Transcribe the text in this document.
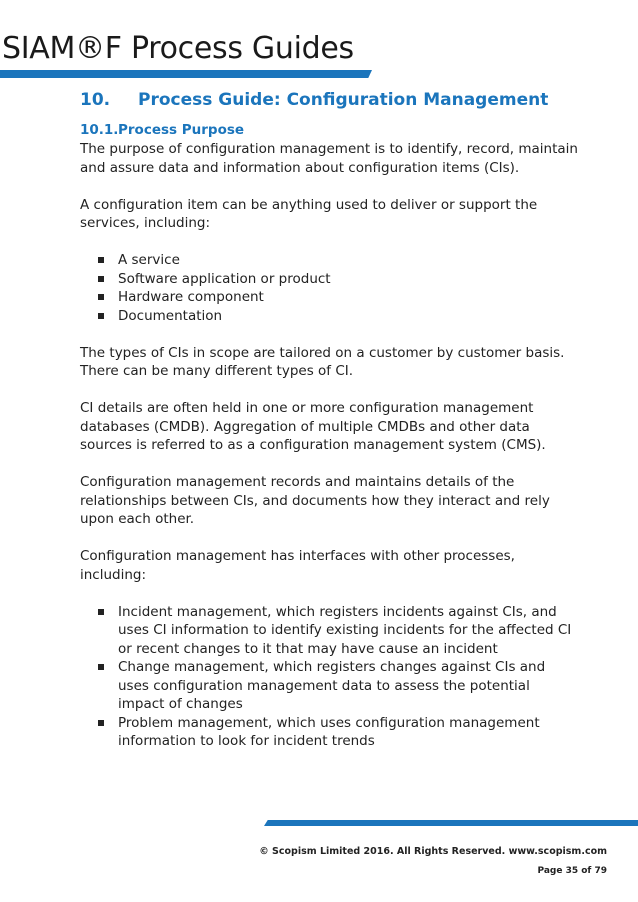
SIAM®F Process Guides
10. Process Guide: Configuration Management
10.1.Process Purpose

The purpose of configuration management is to identify, record, maintain and assure data and information about configuration items (CIs).

A configuration item can be anything used to deliver or support the services, including:

A service
Software application or product
Hardware component
Documentation

The types of CIs in scope are tailored on a customer by customer basis. There can be many different types of CI.

CI details are often held in one or more configuration management databases (CMDB). Aggregation of multiple CMDBs and other data sources is referred to as a configuration management system (CMS).

Configuration management records and maintains details of the relationships between CIs, and documents how they interact and rely upon each other.

Configuration management has interfaces with other processes, including:

Incident management, which registers incidents against CIs, and uses CI information to identify existing incidents for the affected CI or recent changes to it that may have cause an incident
Change management, which registers changes against CIs and uses configuration management data to assess the potential impact of changes
Problem management, which uses configuration management information to look for incident trends
© Scopism Limited 2016. All Rights Reserved. www.scopism.com
Page 35 of 79
